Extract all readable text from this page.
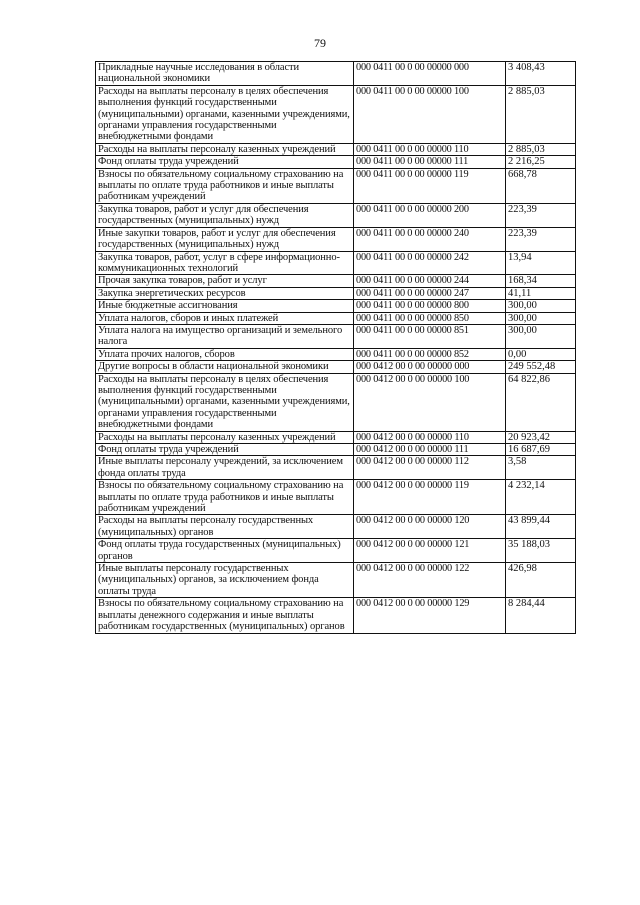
79
Прикладные научные исследования в области национальной экономики	000 0411 00 0 00 00000 000	3 408,43
Расходы на выплаты персоналу в целях обеспечения выполнения функций государственными (муниципальными) органами, казенными учреждениями, органами управления государственными внебюджетными фондами	000 0411 00 0 00 00000 100	2 885,03
Расходы на выплаты персоналу казенных учреждений	000 0411 00 0 00 00000 110	2 885,03
Фонд оплаты труда учреждений	000 0411 00 0 00 00000 111	2 216,25
Взносы по обязательному социальному страхованию на выплаты по оплате труда работников и иные выплаты работникам учреждений	000 0411 00 0 00 00000 119	668,78
Закупка товаров, работ и услуг для обеспечения государственных (муниципальных) нужд	000 0411 00 0 00 00000 200	223,39
Иные закупки товаров, работ и услуг для обеспечения государственных (муниципальных) нужд	000 0411 00 0 00 00000 240	223,39
Закупка товаров, работ, услуг в сфере информационно-коммуникационных технологий	000 0411 00 0 00 00000 242	13,94
Прочая закупка товаров, работ и услуг	000 0411 00 0 00 00000 244	168,34
Закупка энергетических ресурсов	000 0411 00 0 00 00000 247	41,11
Иные бюджетные ассигнования	000 0411 00 0 00 00000 800	300,00
Уплата налогов, сборов и иных платежей	000 0411 00 0 00 00000 850	300,00
Уплата налога на имущество организаций и земельного налога	000 0411 00 0 00 00000 851	300,00
Уплата прочих налогов, сборов	000 0411 00 0 00 00000 852	0,00
Другие вопросы в области национальной экономики	000 0412 00 0 00 00000 000	249 552,48
Расходы на выплаты персоналу в целях обеспечения выполнения функций государственными (муниципальными) органами, казенными учреждениями, органами управления государственными внебюджетными фондами	000 0412 00 0 00 00000 100	64 822,86
Расходы на выплаты персоналу казенных учреждений	000 0412 00 0 00 00000 110	20 923,42
Фонд оплаты труда учреждений	000 0412 00 0 00 00000 111	16 687,69
Иные выплаты персоналу учреждений, за исключением фонда оплаты труда	000 0412 00 0 00 00000 112	3,58
Взносы по обязательному социальному страхованию на выплаты по оплате труда работников и иные выплаты работникам учреждений	000 0412 00 0 00 00000 119	4 232,14
Расходы на выплаты персоналу государственных (муниципальных) органов	000 0412 00 0 00 00000 120	43 899,44
Фонд оплаты труда государственных (муниципальных) органов	000 0412 00 0 00 00000 121	35 188,03
Иные выплаты персоналу государственных (муниципальных) органов, за исключением фонда оплаты труда	000 0412 00 0 00 00000 122	426,98
Взносы по обязательному социальному страхованию на выплаты денежного содержания и иные выплаты работникам государственных (муниципальных) органов	000 0412 00 0 00 00000 129	8 284,44
